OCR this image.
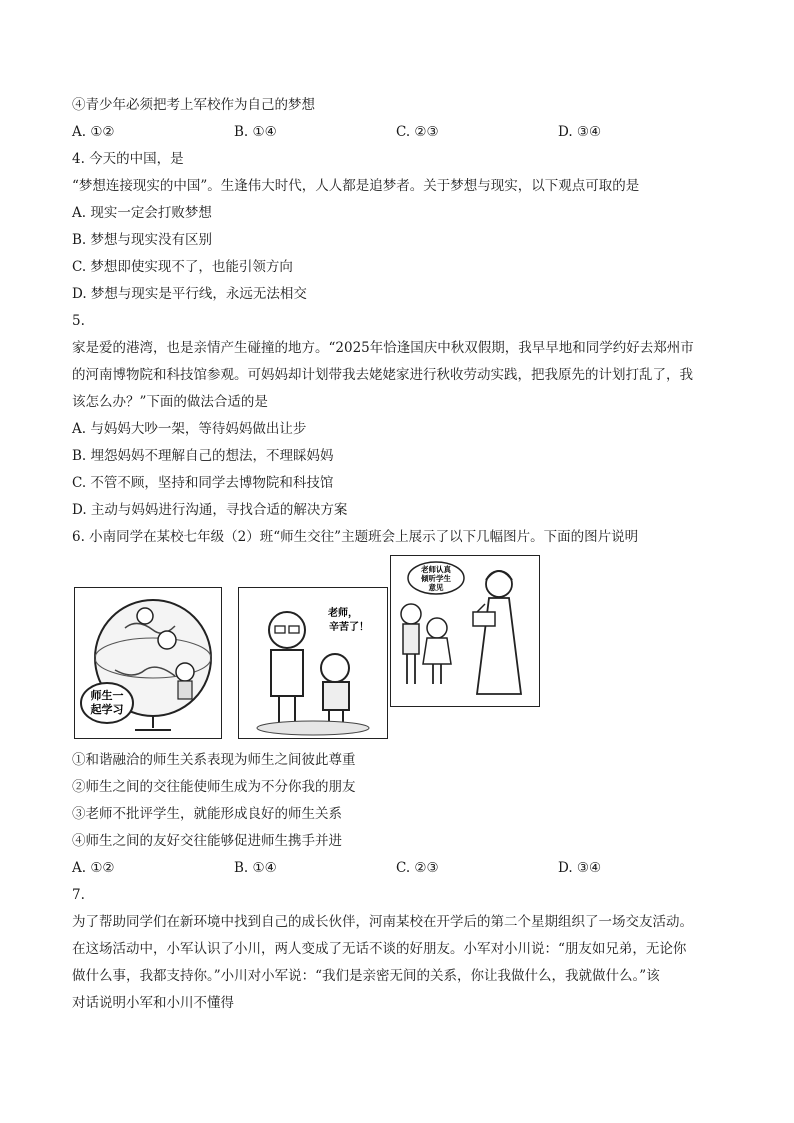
④青少年必须把考上军校作为自己的梦想
A. ①②	B. ①④	C. ②③	D. ③④
4. 今天的中国，是
“梦想连接现实的中国”。生逢伟大时代，人人都是追梦者。关于梦想与现实，以下观点可取的是
A. 现实一定会打败梦想
B. 梦想与现实没有区别
C. 梦想即使实现不了，也能引领方向
D. 梦想与现实是平行线，永远无法相交
5.
家是爱的港湾，也是亲情产生碰撞的地方。“2025年恰逢国庆中秋双假期，我早早地和同学约好去郑州市
的河南博物院和科技馆参观。可妈妈却计划带我去姥姥家进行秋收劳动实践，把我原先的计划打乱了，我
该怎么办？”下面的做法合适的是
A. 与妈妈大吵一架，等待妈妈做出让步
B. 埋怨妈妈不理解自己的想法，不理睬妈妈
C. 不管不顾，坚持和同学去博物院和科技馆
D. 主动与妈妈进行沟通，寻找合适的解决方案
6. 小南同学在某校七年级（2）班“师生交往”主题班会上展示了以下几幅图片。下面的图片说明
师生一
起学习
老师，
辛苦了！
老师认真
倾听学生
意见
①和谐融洽的师生关系表现为师生之间彼此尊重
②师生之间的交往能使师生成为不分你我的朋友
③老师不批评学生，就能形成良好的师生关系
④师生之间的友好交往能够促进师生携手并进
A. ①②	B. ①④	C. ②③	D. ③④
7.
为了帮助同学们在新环境中找到自己的成长伙伴，河南某校在开学后的第二个星期组织了一场交友活动。
在这场活动中，小军认识了小川，两人变成了无话不谈的好朋友。小军对小川说：“朋友如兄弟，无论你
做什么事，我都支持你。”小川对小军说：“我们是亲密无间的关系，你让我做什么，我就做什么。”该
对话说明小军和小川不懂得
